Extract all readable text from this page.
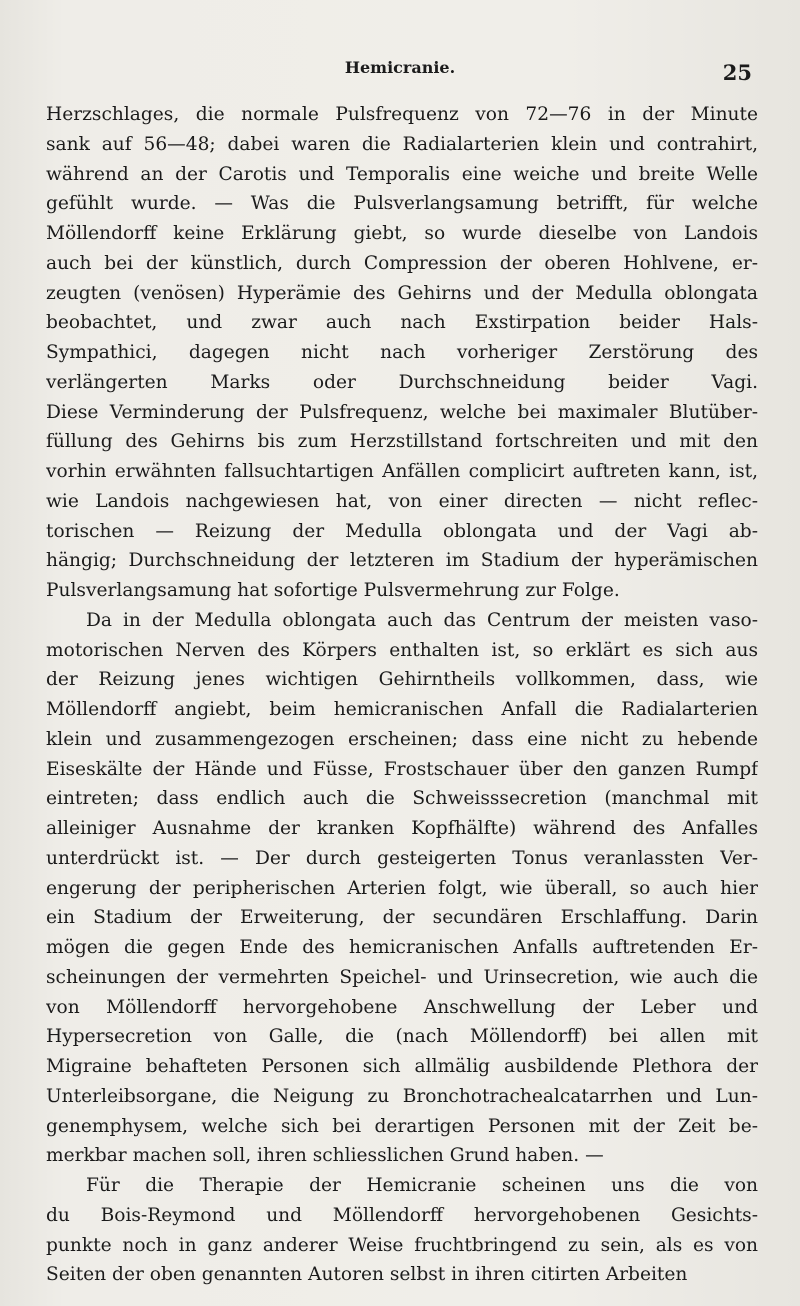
Hemicranie.	25
Herzschlages, die normale Pulsfrequenz von 72—76 in der Minute
sank auf 56—48; dabei waren die Radialarterien klein und contrahirt,
während an der Carotis und Temporalis eine weiche und breite Welle
gefühlt wurde. — Was die Pulsverlangsamung betrifft, für welche
Möllendorff keine Erklärung giebt, so wurde dieselbe von Landois
auch bei der künstlich, durch Compression der oberen Hohlvene, er-
zeugten (venösen) Hyperämie des Gehirns und der Medulla oblongata
beobachtet, und zwar auch nach Exstirpation beider Hals-
Sympathici, dagegen nicht nach vorheriger Zerstörung des
verlängerten Marks oder Durchschneidung beider Vagi.
Diese Verminderung der Pulsfrequenz, welche bei maximaler Blutüber-
füllung des Gehirns bis zum Herzstillstand fortschreiten und mit den
vorhin erwähnten fallsuchtartigen Anfällen complicirt auftreten kann, ist,
wie Landois nachgewiesen hat, von einer directen — nicht reflec-
torischen — Reizung der Medulla oblongata und der Vagi ab-
hängig; Durchschneidung der letzteren im Stadium der hyperämischen
Pulsverlangsamung hat sofortige Pulsvermehrung zur Folge.
Da in der Medulla oblongata auch das Centrum der meisten vaso-
motorischen Nerven des Körpers enthalten ist, so erklärt es sich aus
der Reizung jenes wichtigen Gehirntheils vollkommen, dass, wie
Möllendorff angiebt, beim hemicranischen Anfall die Radialarterien
klein und zusammengezogen erscheinen; dass eine nicht zu hebende
Eiseskälte der Hände und Füsse, Frostschauer über den ganzen Rumpf
eintreten; dass endlich auch die Schweisssecretion (manchmal mit
alleiniger Ausnahme der kranken Kopfhälfte) während des Anfalles
unterdrückt ist. — Der durch gesteigerten Tonus veranlassten Ver-
engerung der peripherischen Arterien folgt, wie überall, so auch hier
ein Stadium der Erweiterung, der secundären Erschlaffung. Darin
mögen die gegen Ende des hemicranischen Anfalls auftretenden Er-
scheinungen der vermehrten Speichel- und Urinsecretion, wie auch die
von Möllendorff hervorgehobene Anschwellung der Leber und
Hypersecretion von Galle, die (nach Möllendorff) bei allen mit
Migraine behafteten Personen sich allmälig ausbildende Plethora der
Unterleibsorgane, die Neigung zu Bronchotrachealcatarrhen und Lun-
genemphysem, welche sich bei derartigen Personen mit der Zeit be-
merkbar machen soll, ihren schliesslichen Grund haben. —
Für die Therapie der Hemicranie scheinen uns die von
du Bois-Reymond und Möllendorff hervorgehobenen Gesichts-
punkte noch in ganz anderer Weise fruchtbringend zu sein, als es von
Seiten der oben genannten Autoren selbst in ihren citirten Arbeiten
